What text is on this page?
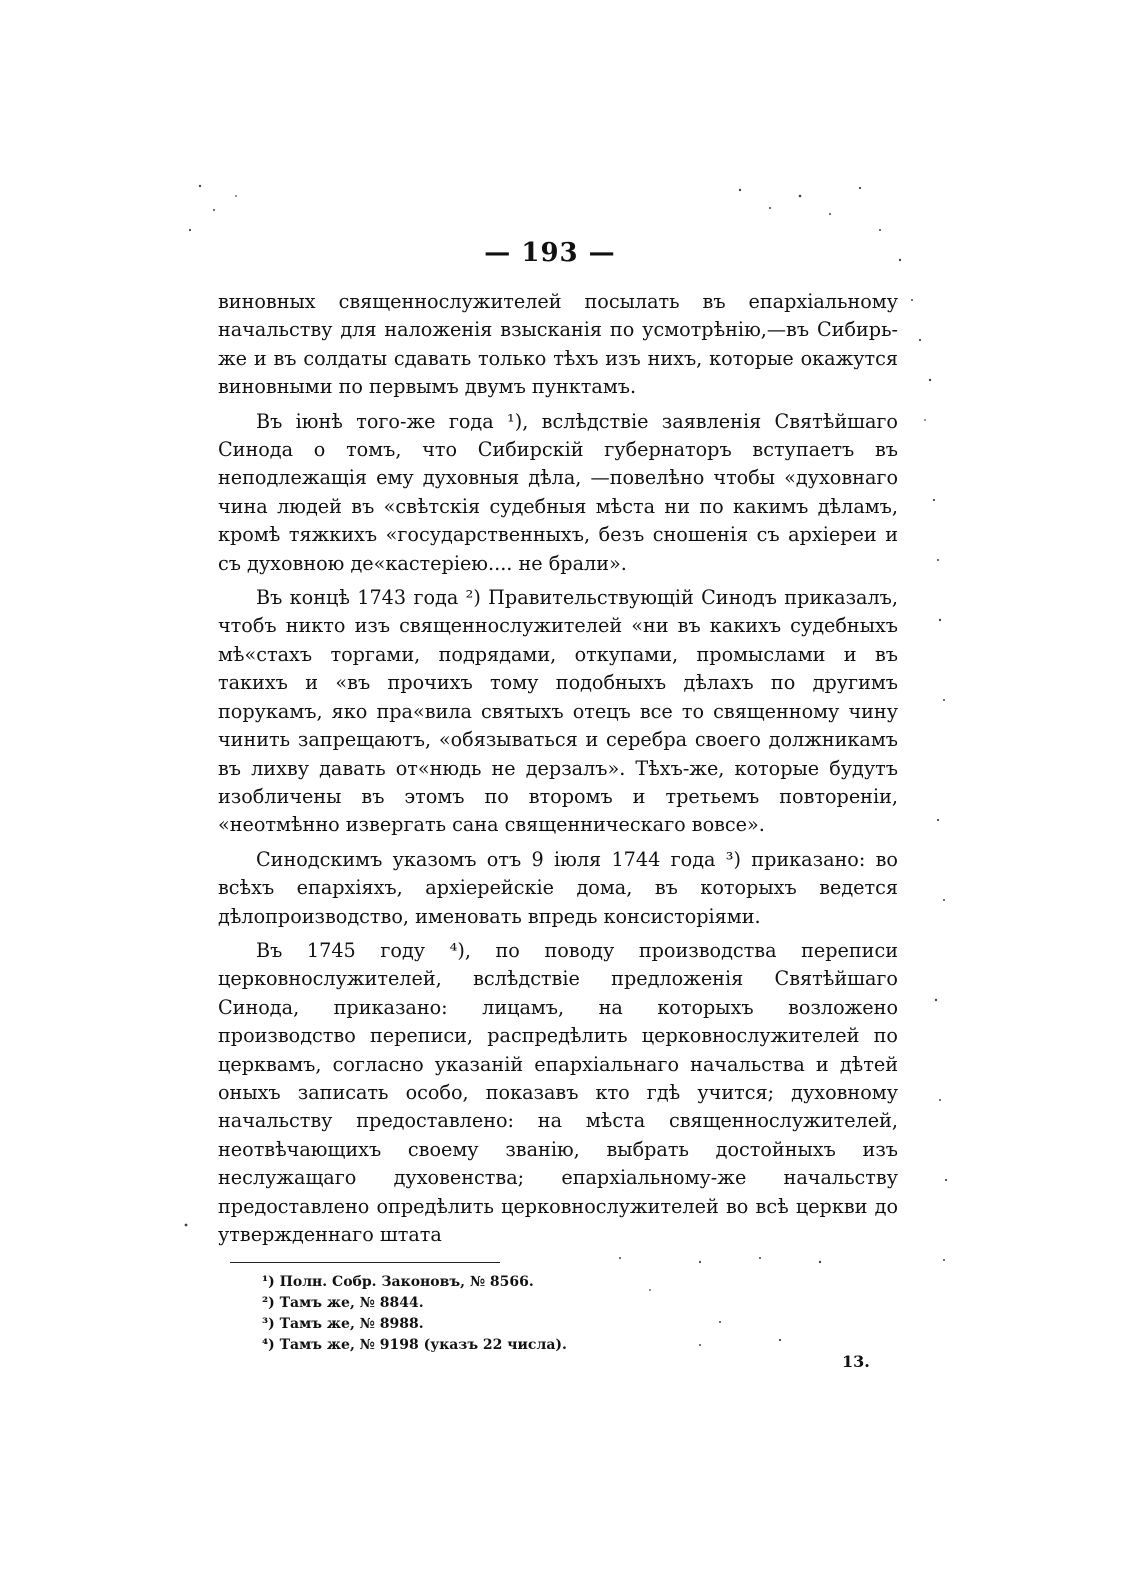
— 193 —

виновных священнослужителей посылать въ епархіальному начальству для наложенія взысканія по усмотрѣнію,—въ Сибирь-же и въ солдаты сдавать только тѣхъ изъ нихъ, которые окажутся виновными по первымъ двумъ пунктамъ.

Въ іюнѣ того-же года ¹), вслѣдствіе заявленія Святѣйшаго Синода о томъ, что Сибирскій губернаторъ вступаетъ въ неподлежащія ему духовныя дѣла, —повелѣно чтобы «духовнаго чина людей въ «свѣтскія судебныя мѣста ни по какимъ дѣламъ, кромѣ тяжкихъ «государственныхъ, безъ сношенія съ архіереи и съ духовною де«кастеріею.... не брали».

Въ концѣ 1743 года ²) Правительствующій Синодъ приказалъ, чтобъ никто изъ священнослужителей «ни въ какихъ судебныхъ мѣ«стахъ торгами, подрядами, откупами, промыслами и въ такихъ и «въ прочихъ тому подобныхъ дѣлахъ по другимъ порукамъ, яко пра«вила святыхъ отецъ все то священному чину чинить запрещаютъ, «обязываться и серебра своего должникамъ въ лихву давать от«нюдь не дерзалъ». Тѣхъ-же, которые будутъ изобличены въ этомъ по второмъ и третьемъ повтореніи, «неотмѣнно извергать сана священническаго вовсе».

Синодскимъ указомъ отъ 9 іюля 1744 года ³) приказано: во всѣхъ епархіяхъ, архіерейскіе дома, въ которыхъ ведется дѣлопроизводство, именовать впредь консисторіями.

Въ 1745 году ⁴), по поводу производства переписи церковнослужителей, вслѣдствіе предложенія Святѣйшаго Синода, приказано: лицамъ, на которыхъ возложено производство переписи, распредѣлить церковнослужителей по церквамъ, согласно указаній епархіальнаго начальства и дѣтей оныхъ записать особо, показавъ кто гдѣ учится; духовному начальству предоставлено: на мѣста священнослужителей, неотвѣчающихъ своему званію, выбрать достойныхъ изъ неслужащаго духовенства; епархіальному-же начальству предоставлено опредѣлить церковнослужителей во всѣ церкви до утвержденнаго штата

¹) Полн. Собр. Законовъ, № 8566.
²) Тамъ же, № 8844.
³) Тамъ же, № 8988.
⁴) Тамъ же, № 9198 (указъ 22 числа).
13.
